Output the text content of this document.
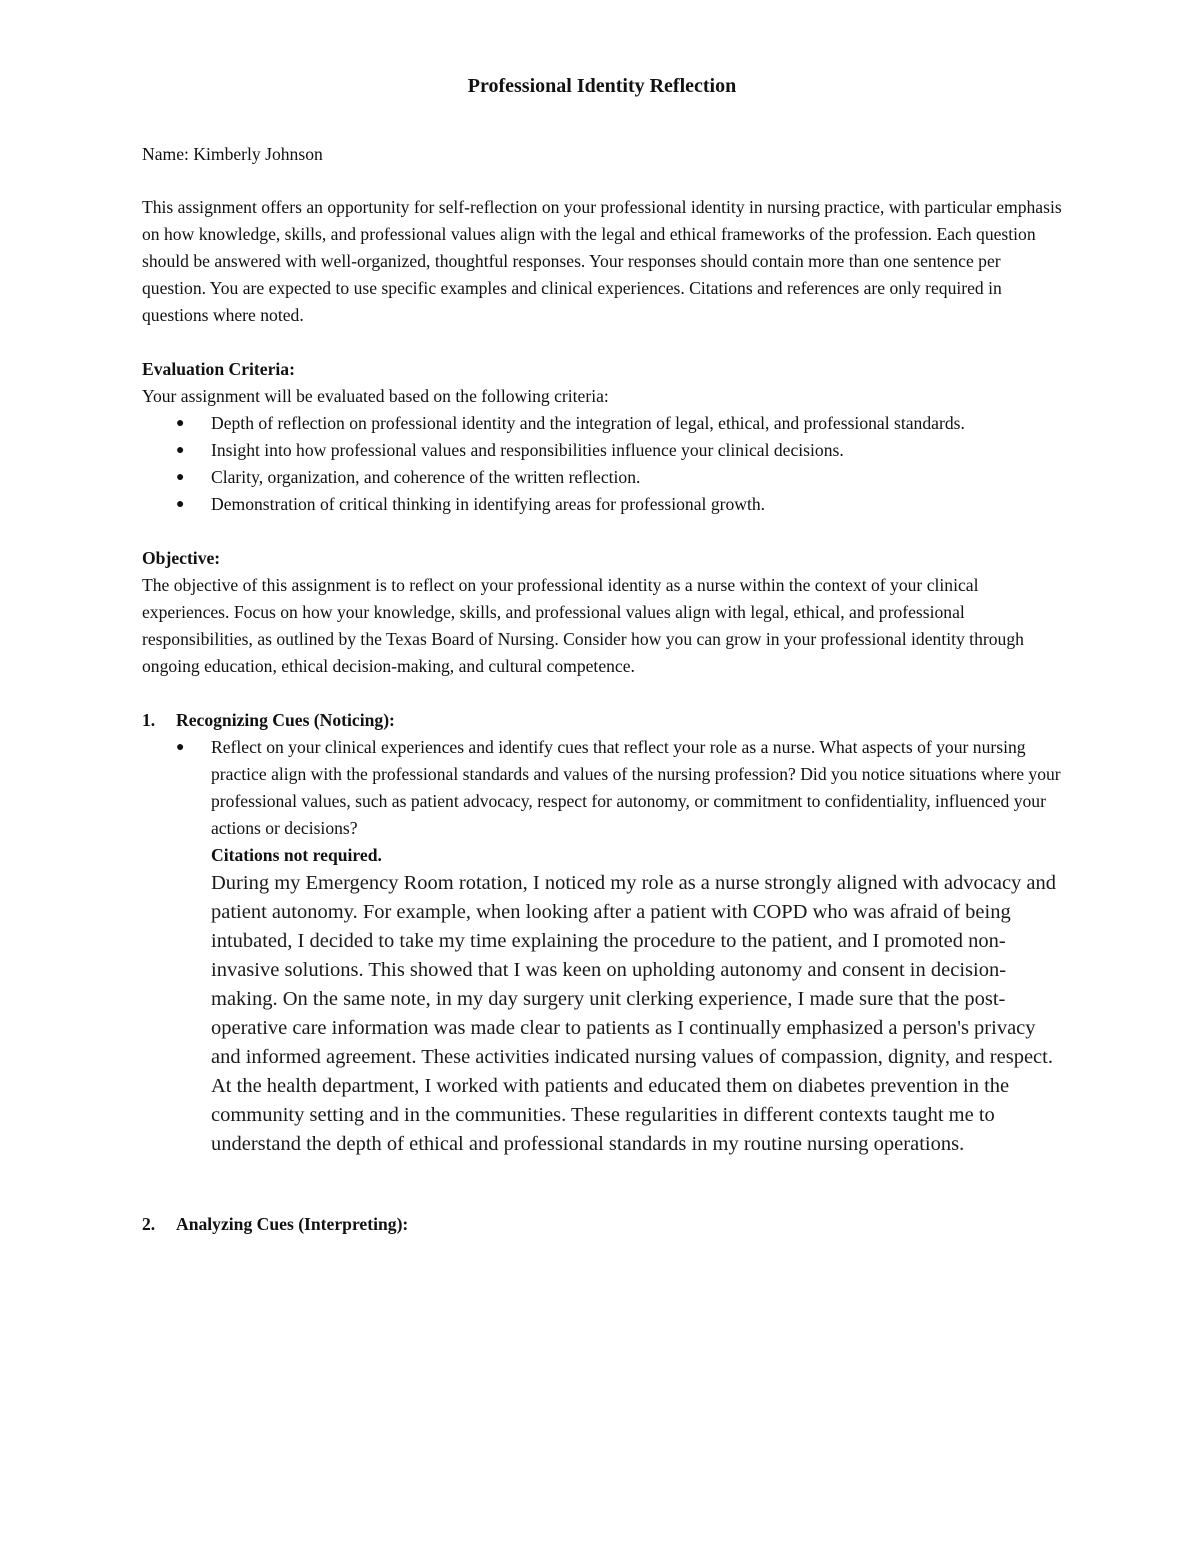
Professional Identity Reflection

Name: Kimberly Johnson

This assignment offers an opportunity for self-reflection on your professional identity in nursing practice, with particular emphasis on how knowledge, skills, and professional values align with the legal and ethical frameworks of the profession. Each question should be answered with well-organized, thoughtful responses. Your responses should contain more than one sentence per question. You are expected to use specific examples and clinical experiences. Citations and references are only required in questions where noted.

Evaluation Criteria:

Your assignment will be evaluated based on the following criteria:

● Depth of reflection on professional identity and the integration of legal, ethical, and professional standards.
● Insight into how professional values and responsibilities influence your clinical decisions.
● Clarity, organization, and coherence of the written reflection.
● Demonstration of critical thinking in identifying areas for professional growth.

Objective:

The objective of this assignment is to reflect on your professional identity as a nurse within the context of your clinical experiences. Focus on how your knowledge, skills, and professional values align with legal, ethical, and professional responsibilities, as outlined by the Texas Board of Nursing. Consider how you can grow in your professional identity through ongoing education, ethical decision-making, and cultural competence.

1. Recognizing Cues (Noticing):

● Reflect on your clinical experiences and identify cues that reflect your role as a nurse. What aspects of your nursing practice align with the professional standards and values of the nursing profession? Did you notice situations where your professional values, such as patient advocacy, respect for autonomy, or commitment to confidentiality, influenced your actions or decisions?
Citations not required.

During my Emergency Room rotation, I noticed my role as a nurse strongly aligned with advocacy and patient autonomy. For example, when looking after a patient with COPD who was afraid of being intubated, I decided to take my time explaining the procedure to the patient, and I promoted non-invasive solutions. This showed that I was keen on upholding autonomy and consent in decision-making. On the same note, in my day surgery unit clerking experience, I made sure that the post-operative care information was made clear to patients as I continually emphasized a person's privacy and informed agreement. These activities indicated nursing values of compassion, dignity, and respect. At the health department, I worked with patients and educated them on diabetes prevention in the community setting and in the communities. These regularities in different contexts taught me to understand the depth of ethical and professional standards in my routine nursing operations.

2. Analyzing Cues (Interpreting):
